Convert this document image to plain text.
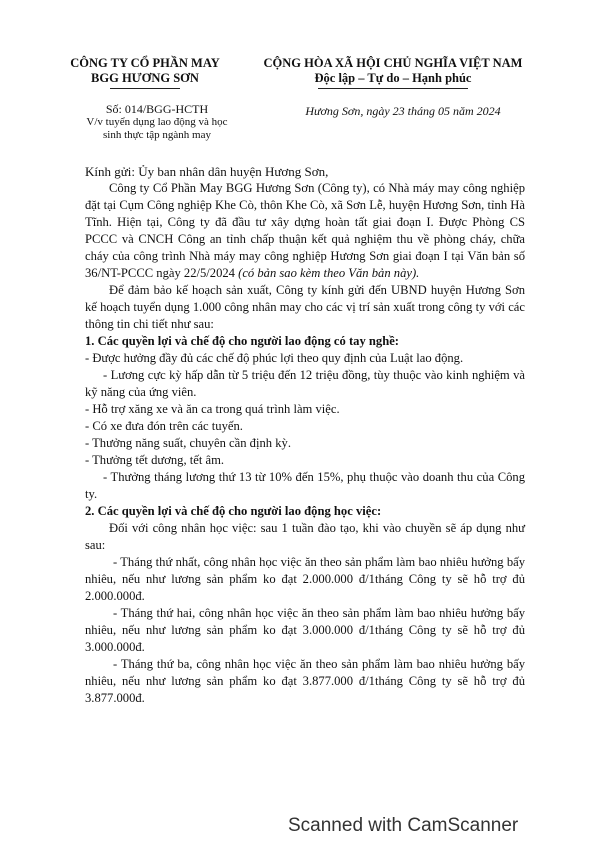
CÔNG TY CỔ PHẦN MAY
BGG HƯƠNG SƠN
CỘNG HÒA XÃ HỘI CHỦ NGHĨA VIỆT NAM
Độc lập – Tự do – Hạnh phúc
Số: 014/BGG-HCTH
V/v tuyển dụng lao động và học
sinh thực tập ngành may
Hương Sơn, ngày 23 tháng 05 năm 2024

Kính gửi: Ủy ban nhân dân huyện Hương Sơn,

Công ty Cổ Phần May BGG Hương Sơn (Công ty), có Nhà máy may công nghiệp đặt tại Cụm Công nghiệp Khe Cò, thôn Khe Cò, xã Sơn Lễ, huyện Hương Sơn, tỉnh Hà Tĩnh. Hiện tại, Công ty đã đầu tư xây dựng hoàn tất giai đoạn I. Được Phòng CS PCCC và CNCH Công an tỉnh chấp thuận kết quả nghiệm thu về phòng cháy, chữa cháy của công trình Nhà máy may công nghiệp Hương Sơn giai đoạn I tại Văn bản số 36/NT-PCCC ngày 22/5/2024 (có bản sao kèm theo Văn bản này).

Để đảm bảo kế hoạch sản xuất, Công ty kính gửi đến UBND huyện Hương Sơn kế hoạch tuyển dụng 1.000 công nhân may cho các vị trí sản xuất trong công ty với các thông tin chi tiết như sau:

1. Các quyền lợi và chế độ cho người lao động có tay nghề:

- Được hưởng đầy đủ các chế độ phúc lợi theo quy định của Luật lao động.

- Lương cực kỳ hấp dẫn từ 5 triệu đến 12 triệu đồng, tùy thuộc vào kinh nghiệm và kỹ năng của ứng viên.

- Hỗ trợ xăng xe và ăn ca trong quá trình làm việc.

- Có xe đưa đón trên các tuyến.

- Thưởng năng suất, chuyên cần định kỳ.

- Thưởng tết dương, tết âm.

- Thưởng tháng lương thứ 13 từ 10% đến 15%, phụ thuộc vào doanh thu của Công ty.

2. Các quyền lợi và chế độ cho người lao động học việc:

Đối với công nhân học việc: sau 1 tuần đào tạo, khi vào chuyền sẽ áp dụng như sau:

- Tháng thứ nhất, công nhân học việc ăn theo sản phẩm làm bao nhiêu hưởng bấy nhiêu, nếu như lương sản phẩm ko đạt 2.000.000 đ/1tháng Công ty sẽ hỗ trợ đủ 2.000.000đ.

- Tháng thứ hai, công nhân học việc ăn theo sản phẩm làm bao nhiêu hưởng bấy nhiêu, nếu như lương sản phẩm ko đạt 3.000.000 đ/1tháng Công ty sẽ hỗ trợ đủ 3.000.000đ.

- Tháng thứ ba, công nhân học việc ăn theo sản phẩm làm bao nhiêu hưởng bấy nhiêu, nếu như lương sản phẩm ko đạt 3.877.000 đ/1tháng Công ty sẽ hỗ trợ đủ 3.877.000đ.

Scanned with CamScanner
